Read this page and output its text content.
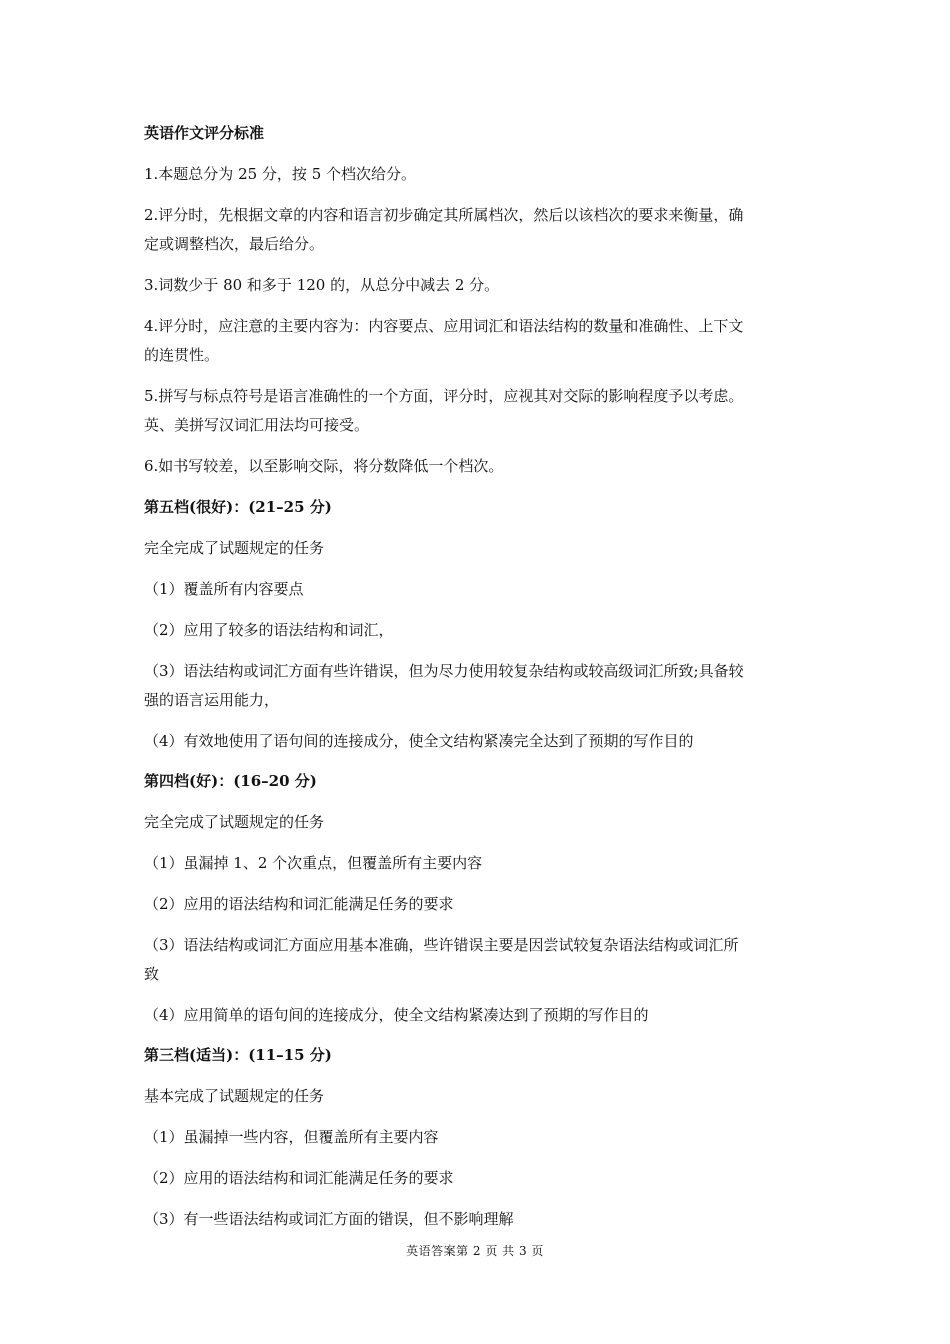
英语作文评分标准
1.本题总分为 25 分，按 5 个档次给分。
2.评分时，先根据文章的内容和语言初步确定其所属档次，然后以该档次的要求来衡量，确
定或调整档次，最后给分。
3.词数少于 80 和多于 120 的，从总分中减去 2 分。
4.评分时，应注意的主要内容为：内容要点、应用词汇和语法结构的数量和准确性、上下文
的连贯性。
5.拼写与标点符号是语言准确性的一个方面，评分时，应视其对交际的影响程度予以考虑。
英、美拼写汉词汇用法均可接受。
6.如书写较差，以至影响交际，将分数降低一个档次。
第五档(很好)：(21–25 分)
完全完成了试题规定的任务
（1）覆盖所有内容要点
（2）应用了较多的语法结构和词汇，
（3）语法结构或词汇方面有些许错误，但为尽力使用较复杂结构或较高级词汇所致;具备较
强的语言运用能力，
（4）有效地使用了语句间的连接成分，使全文结构紧凑完全达到了预期的写作目的
第四档(好)：(16–20 分)
完全完成了试题规定的任务
（1）虽漏掉 1、2 个次重点，但覆盖所有主要内容
（2）应用的语法结构和词汇能满足任务的要求
（3）语法结构或词汇方面应用基本准确，些许错误主要是因尝试较复杂语法结构或词汇所
致
（4）应用简单的语句间的连接成分，使全文结构紧凑达到了预期的写作目的
第三档(适当)：(11–15 分)
基本完成了试题规定的任务
（1）虽漏掉一些内容，但覆盖所有主要内容
（2）应用的语法结构和词汇能满足任务的要求
（3）有一些语法结构或词汇方面的错误，但不影响理解
英语答案第 2 页 共 3 页
